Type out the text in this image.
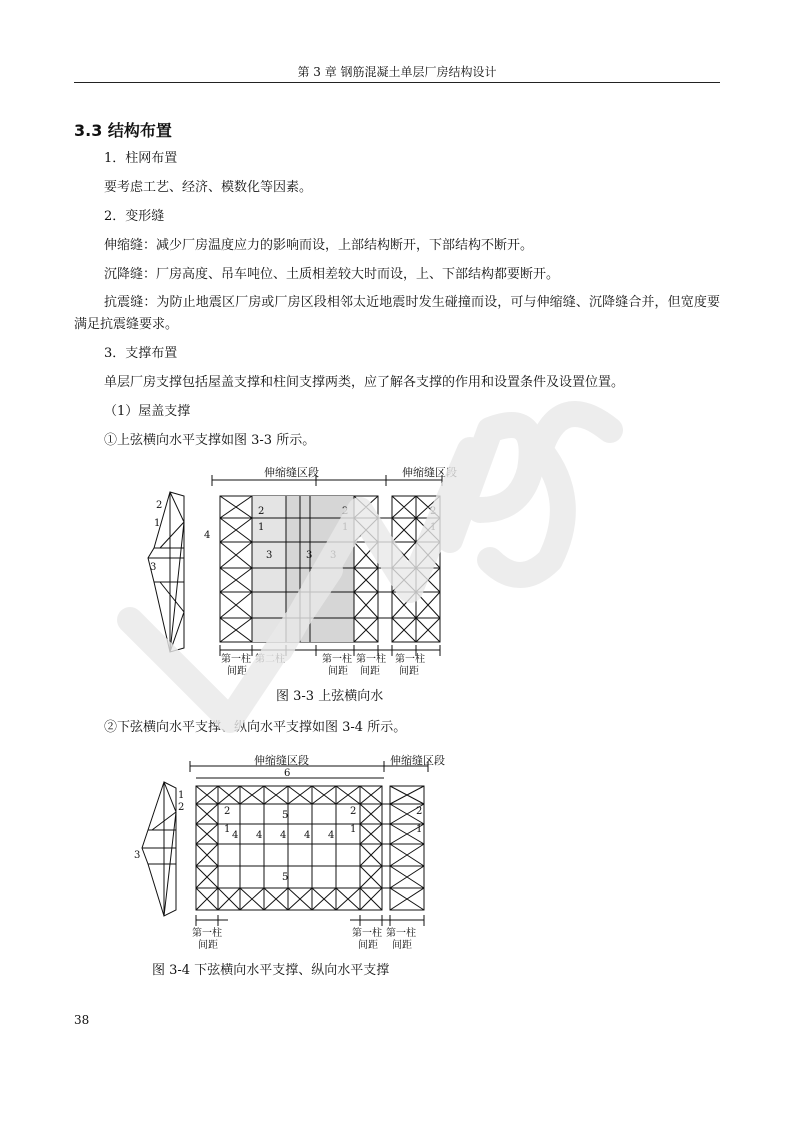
第 3 章 钢筋混凝土单层厂房结构设计
3.3 结构布置
1．柱网布置
要考虑工艺、经济、模数化等因素。
2．变形缝
伸缩缝：减少厂房温度应力的影响而设，上部结构断开，下部结构不断开。
沉降缝：厂房高度、吊车吨位、土质相差较大时而设，上、下部结构都要断开。
抗震缝：为防止地震区厂房或厂房区段相邻太近地震时发生碰撞而设，可与伸缩缝、沉降缝合并，但宽度要满足抗震缝要求。
3．支撑布置
单层厂房支撑包括屋盖支撑和柱间支撑两类，应了解各支撑的作用和设置条件及设置位置。
（1）屋盖支撑
①上弦横向水平支撑如图 3-3 所示。
伸缩缝区段	伸缩缝区段
2
1
3
4
2
1
3	3 3
2
1
2
1
第一柱
间距
第二柱	第一柱
间距
第一柱
间距
第一柱
间距
图 3-3 上弦横向水
②下弦横向水平支撑、纵向水平支撑如图 3-4 所示。
伸缩缝区段	伸缩缝区段
6
1
2
3
2
1
4 4 4 4 4
5
5
2
1
2
1
第一柱
间距
第一柱
间距
第一柱
间距
图 3-4 下弦横向水平支撑、纵向水平支撑
38
